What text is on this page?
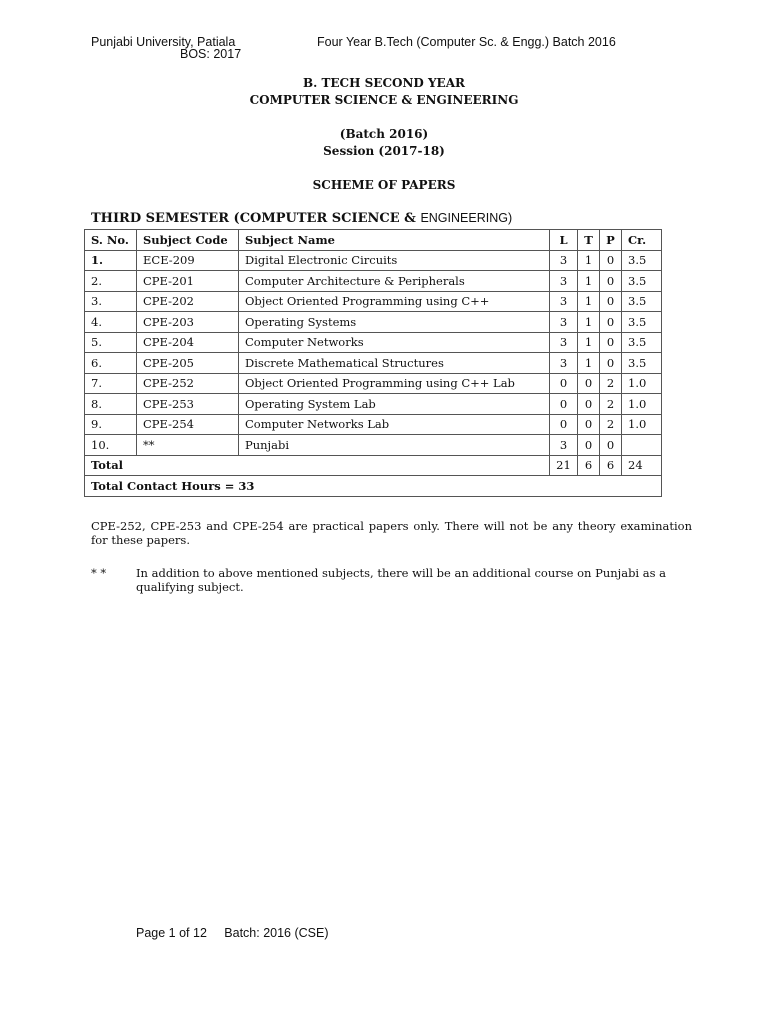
Punjabi University, Patiala	Four Year B.Tech (Computer Sc. & Engg.) Batch 2016
BOS: 2017
B. TECH SECOND YEAR
COMPUTER SCIENCE & ENGINEERING
(Batch 2016)
Session (2017-18)
SCHEME OF PAPERS
THIRD SEMESTER (COMPUTER SCIENCE & ENGINEERING)
S. No.	Subject Code	Subject Name	L	T	P	Cr.
1.	ECE-209	Digital Electronic Circuits	3	1	0	3.5
2.	CPE-201	Computer Architecture & Peripherals	3	1	0	3.5
3.	CPE-202	Object Oriented Programming using C++	3	1	0	3.5
4.	CPE-203	Operating Systems	3	1	0	3.5
5.	CPE-204	Computer Networks	3	1	0	3.5
6.	CPE-205	Discrete Mathematical Structures	3	1	0	3.5
7.	CPE-252	Object Oriented Programming using C++ Lab	0	0	2	1.0
8.	CPE-253	Operating System Lab	0	0	2	1.0
9.	CPE-254	Computer Networks Lab	0	0	2	1.0
10.	**	Punjabi	3	0	0	
Total			21	6	6	24
Total Contact Hours = 33						
CPE-252, CPE-253 and CPE-254 are practical papers only. There will not be any theory examination for these papers.
* *	In addition to above mentioned subjects, there will be an additional course on Punjabi as a qualifying subject.
Page 1 of 12 Batch: 2016 (CSE)
